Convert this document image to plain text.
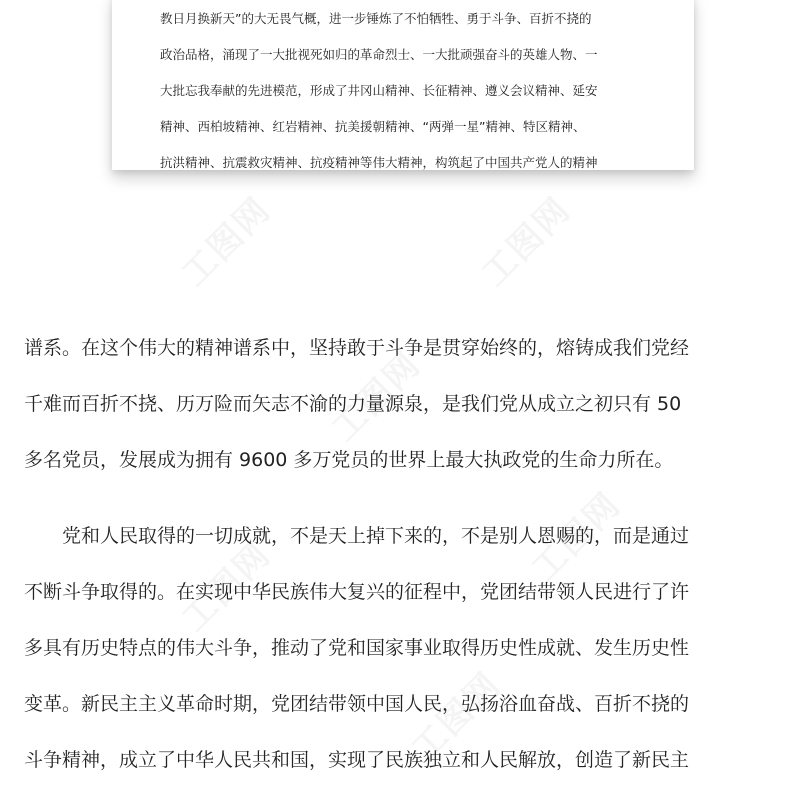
工图网	工图网
工图网
工图网
工图网
工图网
教日月换新天”的大无畏气概，进一步锤炼了不怕牺牲、勇于斗争、百折不挠的
政治品格，涌现了一大批视死如归的革命烈士、一大批顽强奋斗的英雄人物、一
大批忘我奉献的先进模范，形成了井冈山精神、长征精神、遵义会议精神、延安
精神、西柏坡精神、红岩精神、抗美援朝精神、“两弹一星”精神、特区精神、
抗洪精神、抗震救灾精神、抗疫精神等伟大精神，构筑起了中国共产党人的精神
谱系。在这个伟大的精神谱系中，坚持敢于斗争是贯穿始终的，熔铸成我们党经
千难而百折不挠、历万险而矢志不渝的力量源泉，是我们党从成立之初只有 50
多名党员，发展成为拥有 9600 多万党员的世界上最大执政党的生命力所在。
党和人民取得的一切成就，不是天上掉下来的，不是别人恩赐的，而是通过
不断斗争取得的。在实现中华民族伟大复兴的征程中，党团结带领人民进行了许
多具有历史特点的伟大斗争，推动了党和国家事业取得历史性成就、发生历史性
变革。新民主主义革命时期，党团结带领中国人民，弘扬浴血奋战、百折不挠的
斗争精神，成立了中华人民共和国，实现了民族独立和人民解放，创造了新民主
